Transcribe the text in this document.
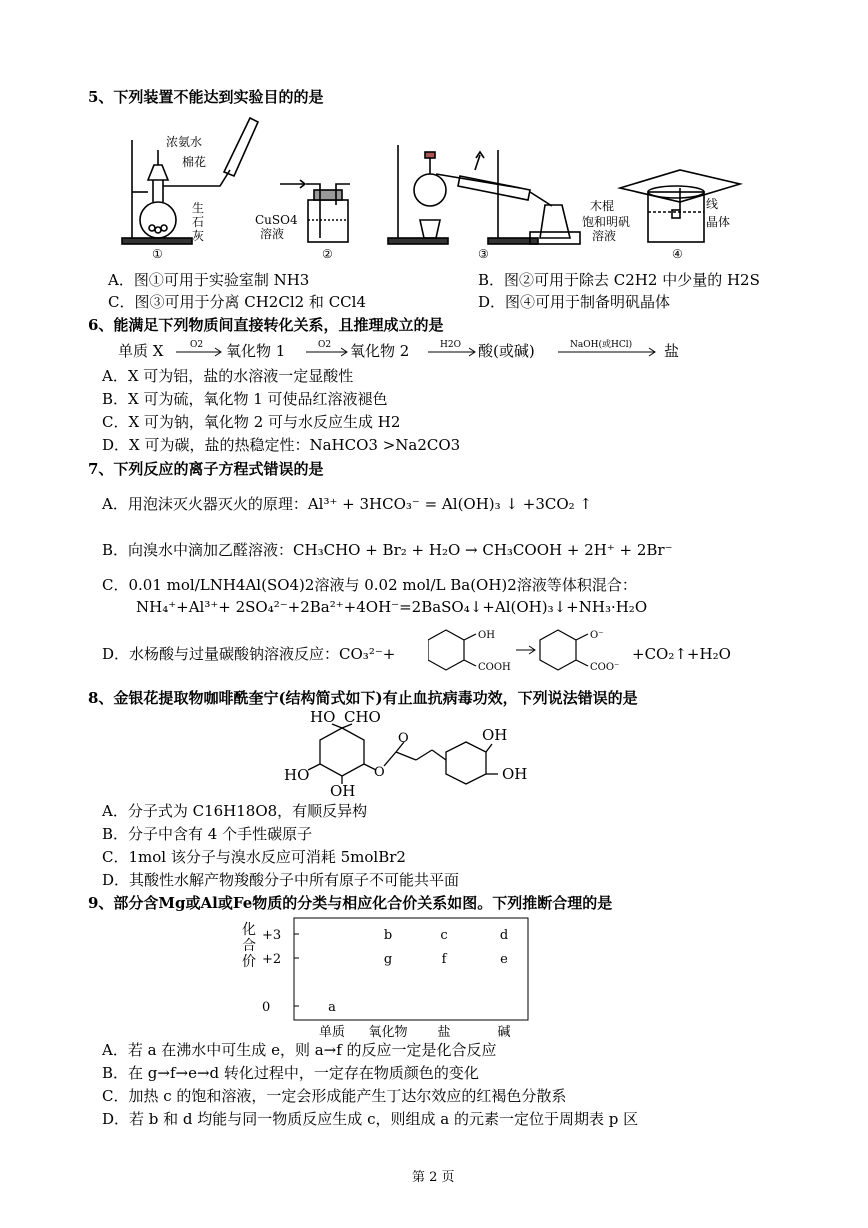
5、下列装置不能达到实验目的的是
浓氨水
棉花
生
石
灰
①
CuSO4
溶液
②	③
线
木棍
晶体
饱和明矾
溶液
④
A．图①可用于实验室制 NH3	B．图②可用于除去 C2H2 中少量的 H2S
C．图③可用于分离 CH2Cl2 和 CCl4	D．图④可用于制备明矾晶体
6、能满足下列物质间直接转化关系，且推理成立的是
单质 X	O2 氧化物 1	O2 氧化物 2	H2O 酸(或碱)	NaOH(或HCl) 盐
A．X 可为铝，盐的水溶液一定显酸性
B．X 可为硫，氧化物 1 可使品红溶液褪色
C．X 可为钠，氧化物 2 可与水反应生成 H2
D．X 可为碳，盐的热稳定性：NaHCO3 >Na2CO3
7、下列反应的离子方程式错误的是
A．用泡沫灭火器灭火的原理：Al³⁺ + 3HCO₃⁻ = Al(OH)₃ ↓ +3CO₂ ↑
B．向溴水中滴加乙醛溶液：CH₃CHO + Br₂ + H₂O → CH₃COOH + 2H⁺ + 2Br⁻
C．0.01 mol/LNH4Al(SO4)2溶液与 0.02 mol/L Ba(OH)2溶液等体积混合：
NH₄⁺+Al³⁺+ 2SO₄²⁻+2Ba²⁺+4OH⁻=2BaSO₄↓+Al(OH)₃↓+NH₃·H₂O
D．水杨酸与过量碳酸钠溶液反应：CO₃²⁻+
OH
COOH
O⁻
COO⁻
+CO₂↑+H₂O
8、金银花提取物咖啡酰奎宁(结构简式如下)有止血抗病毒功效，下列说法错误的是
HO CHO
O
O
HO
OH
OH
OH
A．分子式为 C16H18O8，有顺反异构
B．分子中含有 4 个手性碳原子
C．1mol 该分子与溴水反应可消耗 5molBr2
D．其酸性水解产物羧酸分子中所有原子不可能共平面
9、部分含Mg或Al或Fe物质的分类与相应化合价关系如图。下列推断合理的是
化
合
价
+3
+2
0
单质 氧化物 盐	碱
a
b	c	d
g	f	e
A．若 a 在沸水中可生成 e，则 a→f 的反应一定是化合反应
B．在 g→f→e→d 转化过程中，一定存在物质颜色的变化
C．加热 c 的饱和溶液，一定会形成能产生丁达尔效应的红褐色分散系
D．若 b 和 d 均能与同一物质反应生成 c，则组成 a 的元素一定位于周期表 p 区
第 2 页
